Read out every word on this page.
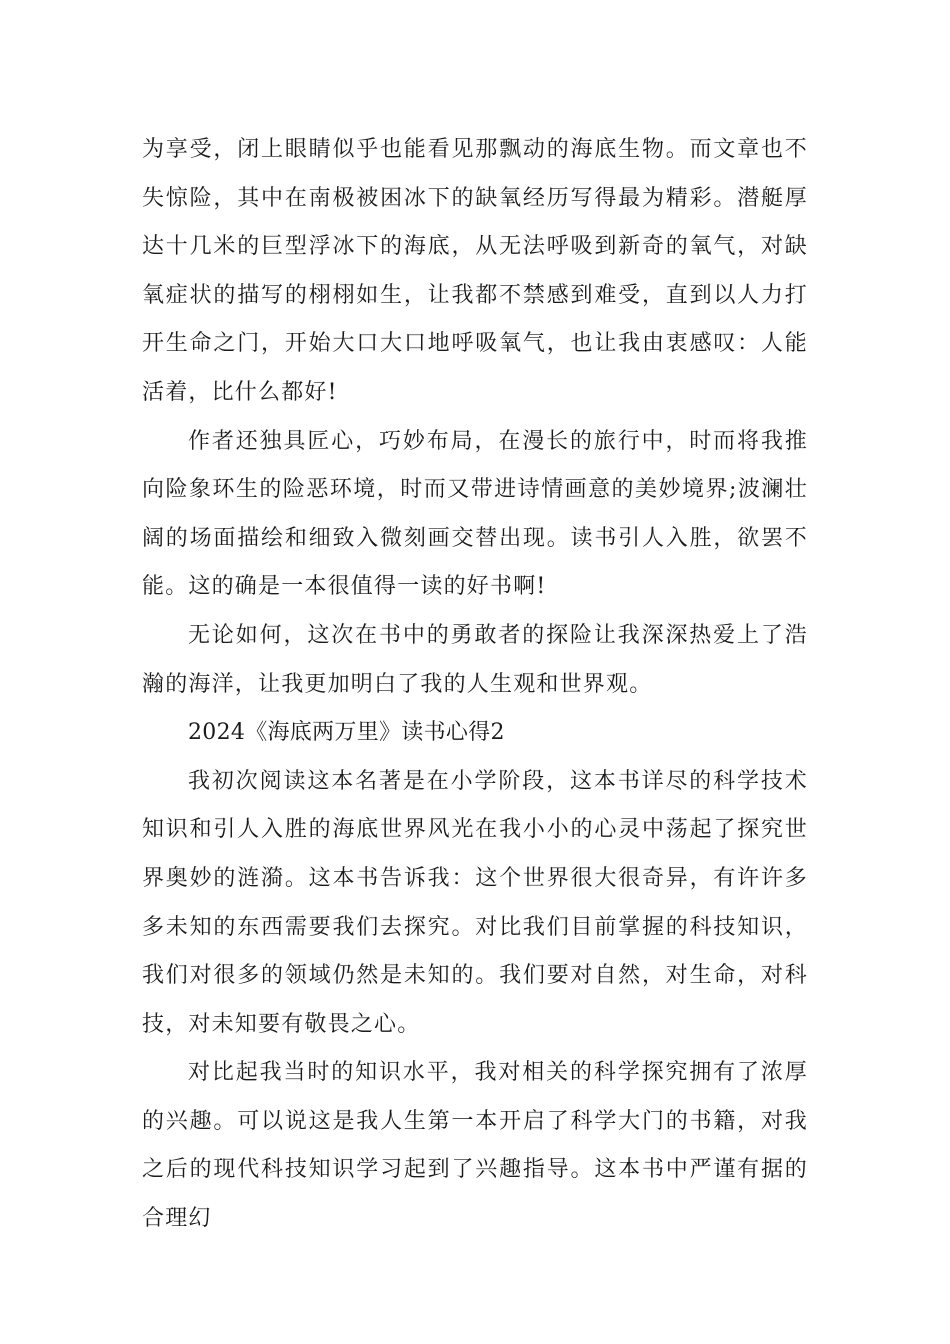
为享受，闭上眼睛似乎也能看见那飘动的海底生物。而文章也不失惊险，其中在南极被困冰下的缺氧经历写得最为精彩。潜艇厚达十几米的巨型浮冰下的海底，从无法呼吸到新奇的氧气，对缺氧症状的描写的栩栩如生，让我都不禁感到难受，直到以人力打开生命之门，开始大口大口地呼吸氧气，也让我由衷感叹：人能活着，比什么都好!

作者还独具匠心，巧妙布局，在漫长的旅行中，时而将我推向险象环生的险恶环境，时而又带进诗情画意的美妙境界;波澜壮阔的场面描绘和细致入微刻画交替出现。读书引人入胜，欲罢不能。这的确是一本很值得一读的好书啊!

无论如何，这次在书中的勇敢者的探险让我深深热爱上了浩瀚的海洋，让我更加明白了我的人生观和世界观。

2024《海底两万里》读书心得2

我初次阅读这本名著是在小学阶段，这本书详尽的科学技术知识和引人入胜的海底世界风光在我小小的心灵中荡起了探究世界奥妙的涟漪。这本书告诉我：这个世界很大很奇异，有许许多多未知的东西需要我们去探究。对比我们目前掌握的科技知识，我们对很多的领域仍然是未知的。我们要对自然，对生命，对科技，对未知要有敬畏之心。

对比起我当时的知识水平，我对相关的科学探究拥有了浓厚的兴趣。可以说这是我人生第一本开启了科学大门的书籍，对我之后的现代科技知识学习起到了兴趣指导。这本书中严谨有据的合理幻
